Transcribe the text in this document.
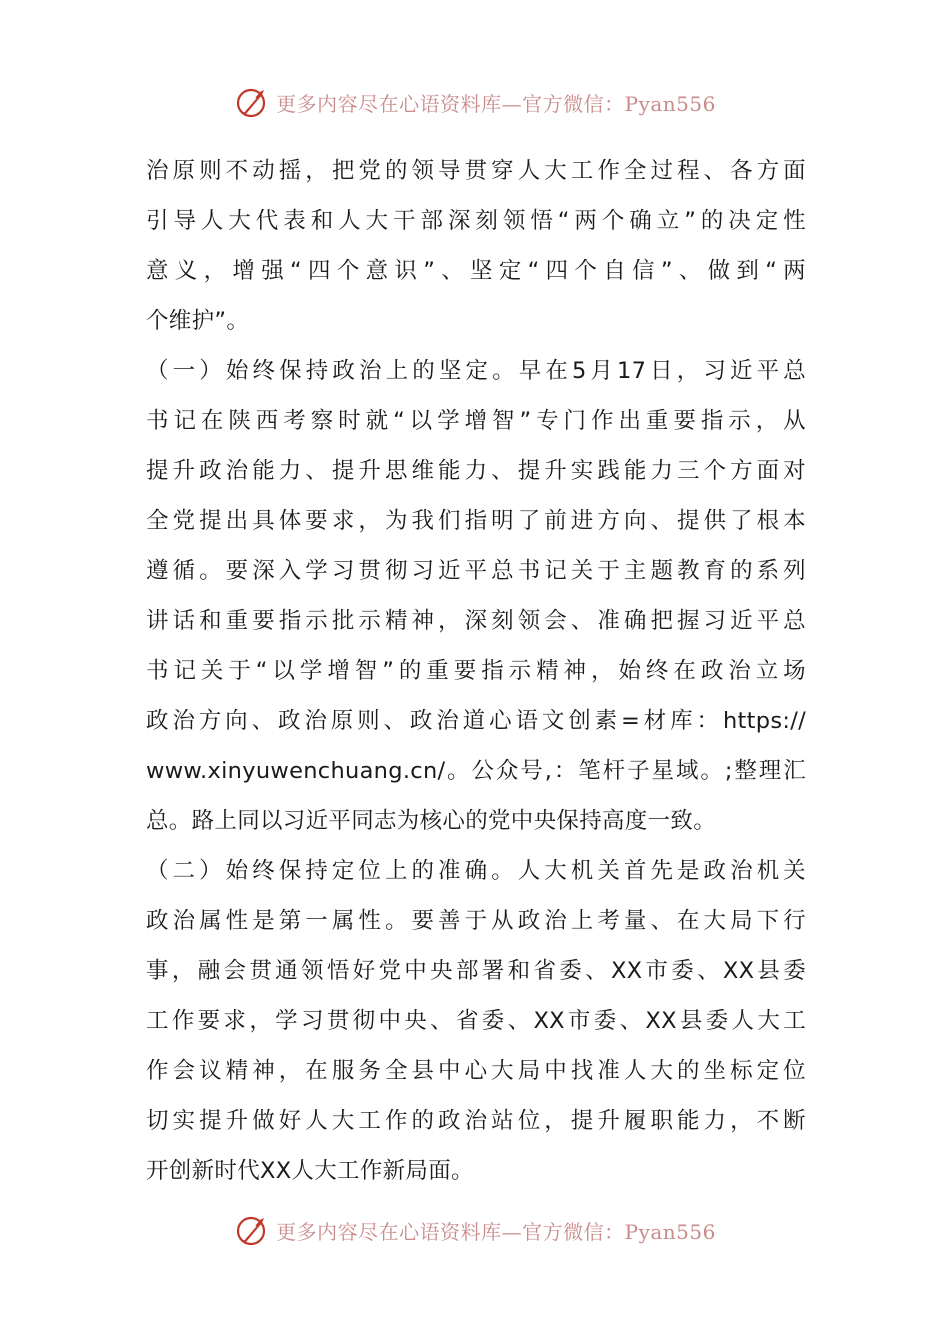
更多内容尽在心语资料库—官方微信：Pyan556
治原则不动摇，把党的领导贯穿人大工作全过程、各方面
引导人大代表和人大干部深刻领悟“两个确立”的决定性
意义，增强“四个意识”、坚定“四个自信”、做到“两
个维护”。
（一）始终保持政治上的坚定。早在5月17日，习近平总
书记在陕西考察时就“以学增智”专门作出重要指示，从
提升政治能力、提升思维能力、提升实践能力三个方面对
全党提出具体要求，为我们指明了前进方向、提供了根本
遵循。要深入学习贯彻习近平总书记关于主题教育的系列
讲话和重要指示批示精神，深刻领会、准确把握习近平总
书记关于“以学增智”的重要指示精神，始终在政治立场
政治方向、政治原则、政治道心语文创素=材库：https://
www.xinyuwenchuang.cn/。公众号,：笔杆子星域。;整理汇
总。路上同以习近平同志为核心的党中央保持高度一致。
（二）始终保持定位上的准确。人大机关首先是政治机关
政治属性是第一属性。要善于从政治上考量、在大局下行
事，融会贯通领悟好党中央部署和省委、XX市委、XX县委
工作要求，学习贯彻中央、省委、XX市委、XX县委人大工
作会议精神，在服务全县中心大局中找准人大的坐标定位
切实提升做好人大工作的政治站位，提升履职能力，不断
开创新时代XX人大工作新局面。
更多内容尽在心语资料库—官方微信：Pyan556
